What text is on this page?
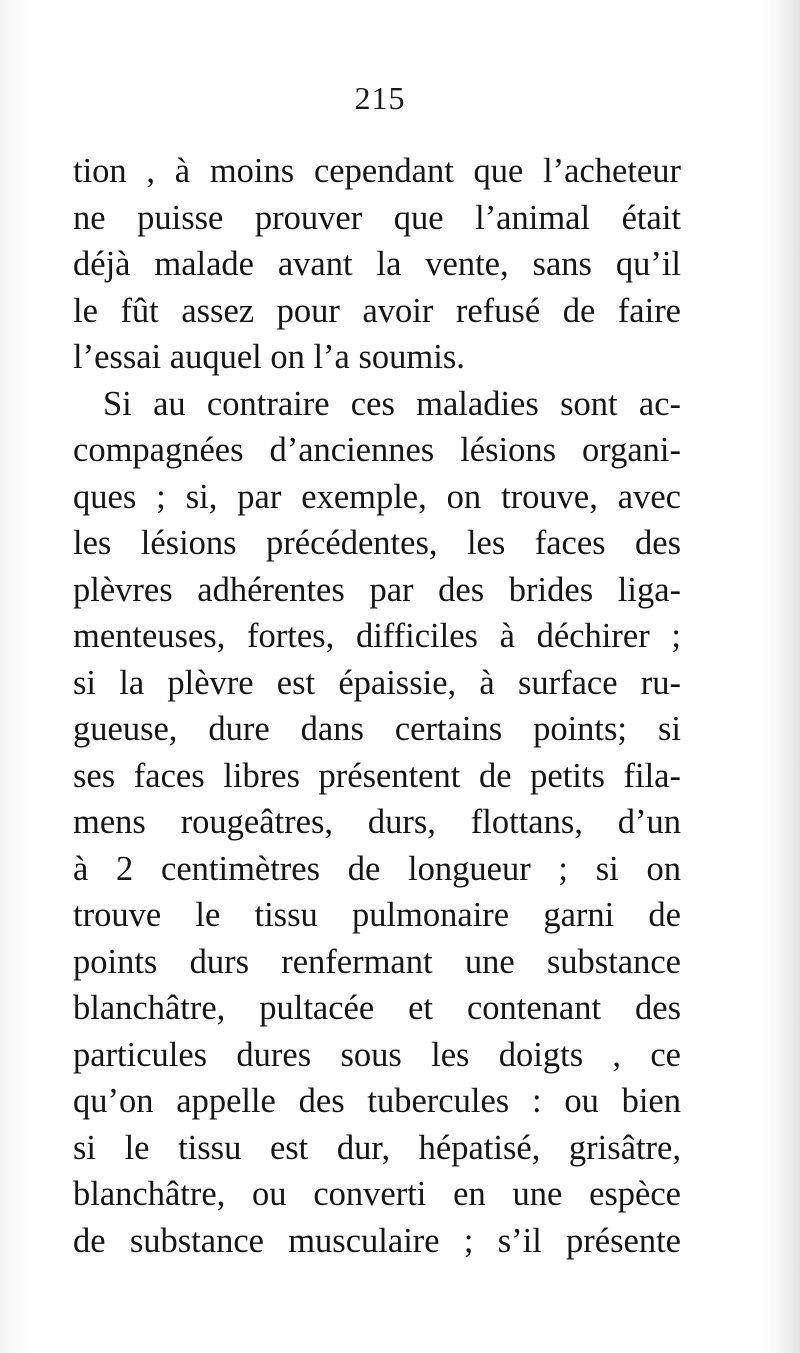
215
tion , à moins cependant que l’acheteur
ne puisse prouver que l’animal était
déjà malade avant la vente, sans qu’il
le fût assez pour avoir refusé de faire
l’essai auquel on l’a soumis.
Si au contraire ces maladies sont ac-
compagnées d’anciennes lésions organi-
ques ; si, par exemple, on trouve, avec
les lésions précédentes, les faces des
plèvres adhérentes par des brides liga-
menteuses, fortes, difficiles à déchirer ;
si la plèvre est épaissie, à surface ru-
gueuse, dure dans certains points; si
ses faces libres présentent de petits fila-
mens rougeâtres, durs, flottans, d’un
à 2 centimètres de longueur ; si on
trouve le tissu pulmonaire garni de
points durs renfermant une substance
blanchâtre, pultacée et contenant des
particules dures sous les doigts , ce
qu’on appelle des tubercules : ou bien
si le tissu est dur, hépatisé, grisâtre,
blanchâtre, ou converti en une espèce
de substance musculaire ; s’il présente
